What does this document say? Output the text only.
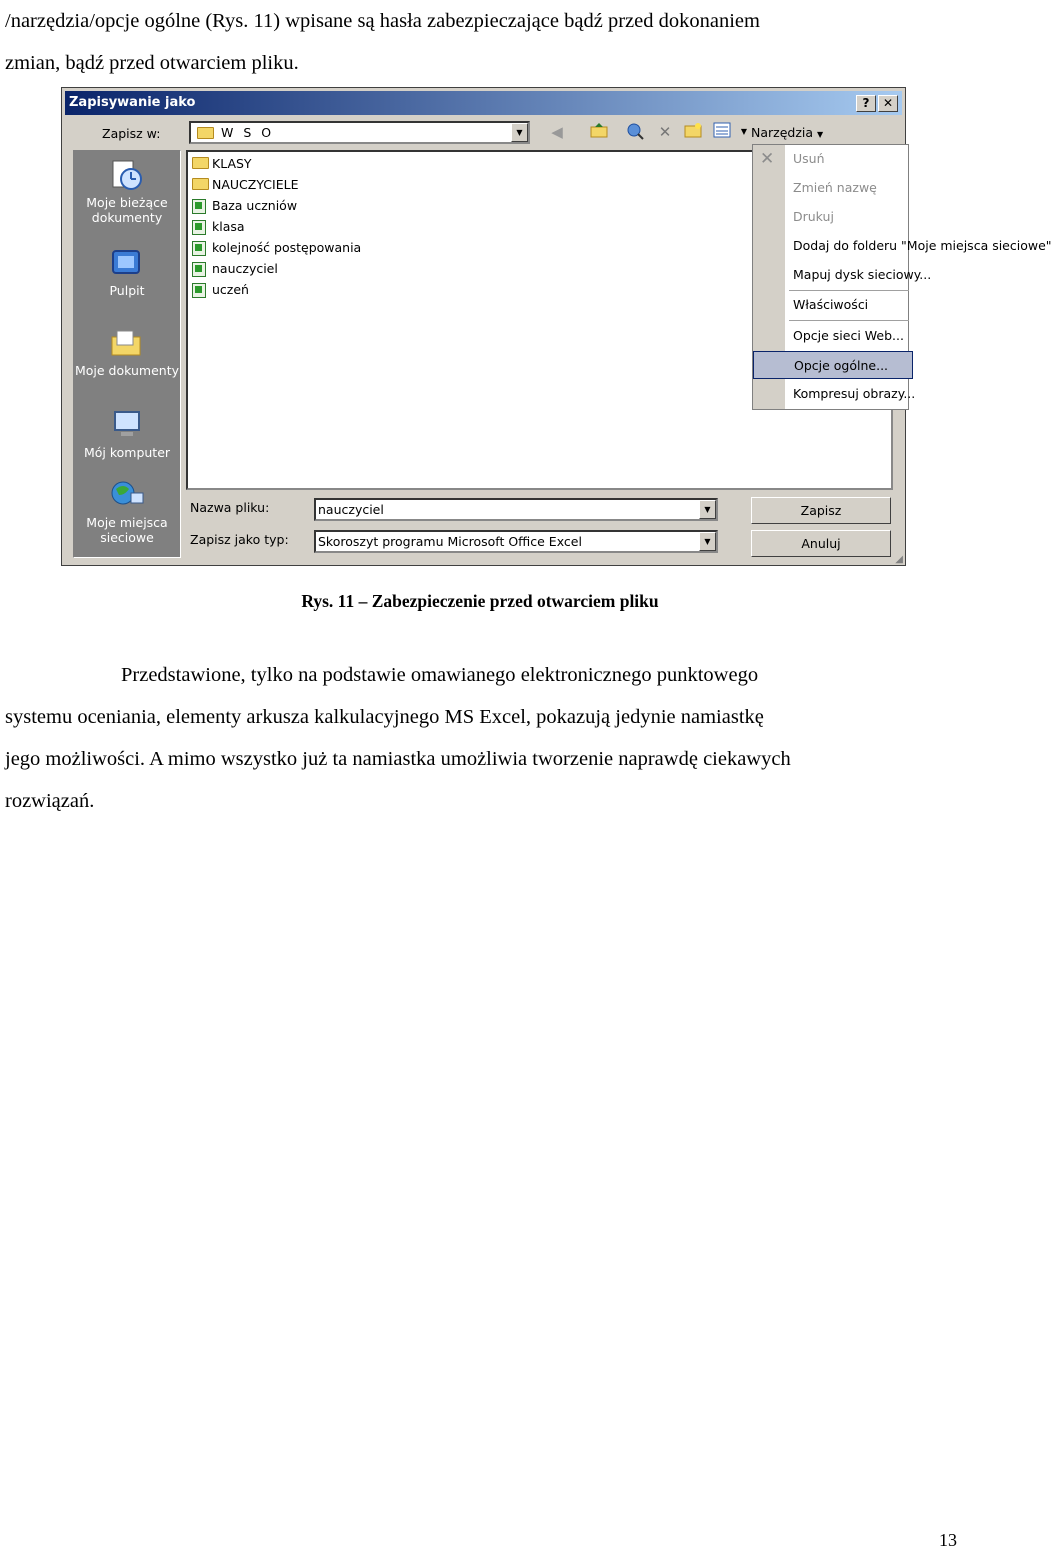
/narzędzia/opcje ogólne (Rys. 11) wpisane są hasła zabezpieczające bądź przed dokonaniem
zmian, bądź przed otwarciem pliku.
Zapisywanie jako	?	✕
Zapisz w:	W S O	▼	◀	✕	▼ Narzędzia ▼
Moje bieżące dokumenty
Pulpit
Moje dokumenty
Mój komputer
Moje miejsca sieciowe
KLASY
NAUCZYCIELE
Baza uczniów
klasa
kolejność postępowania
nauczyciel
uczeń
✕	Usuń
Zmień nazwę
Drukuj
Dodaj do folderu "Moje miejsca sieciowe"
Mapuj dysk sieciowy...
Właściwości
Opcje sieci Web...
Opcje ogólne...
Kompresuj obrazy...
Nazwa pliku:	nauczyciel	▼
Zapisz jako typ:	Skoroszyt programu Microsoft Office Excel	▼
Zapisz
Anuluj
◢
Rys. 11 – Zabezpieczenie przed otwarciem pliku
Przedstawione, tylko na podstawie omawianego elektronicznego punktowego
systemu oceniania, elementy arkusza kalkulacyjnego MS Excel, pokazują jedynie namiastkę
jego możliwości. A mimo wszystko już ta namiastka umożliwia tworzenie naprawdę ciekawych
rozwiązań.
13
